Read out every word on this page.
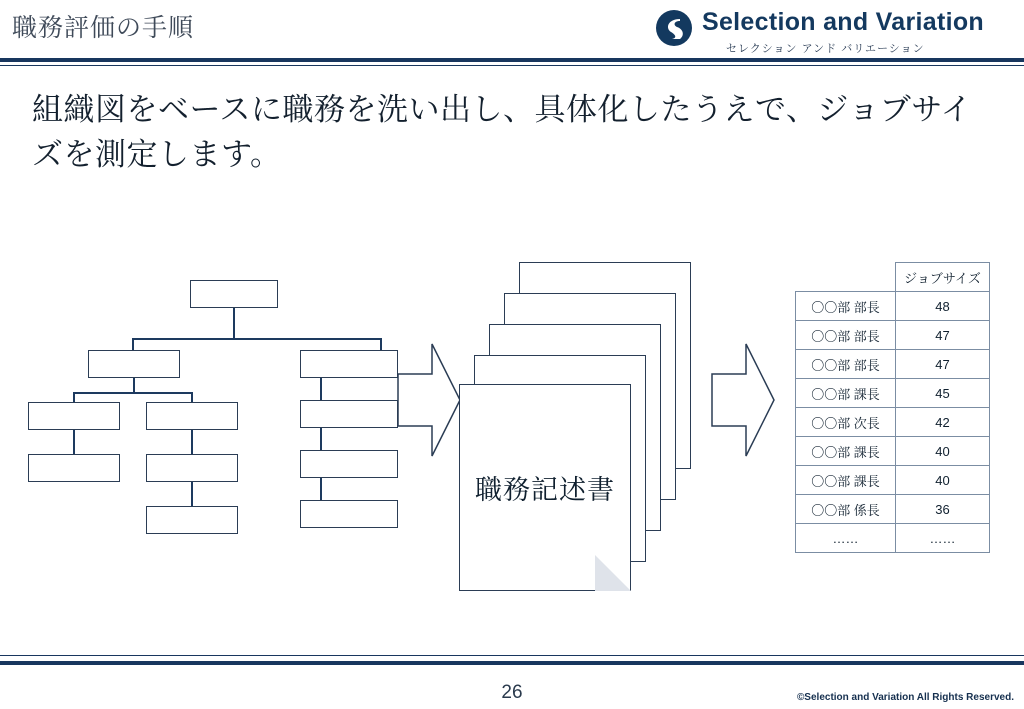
職務評価の手順	Selection and Variation
セレクション アンド バリエーション
組織図をベースに職務を洗い出し、具体化したうえで、ジョブサイズを測定します。
職務記述書
	ジョブサイズ
〇〇部 部長	48
〇〇部 部長	47
〇〇部 部長	47
〇〇部 課長	45
〇〇部 次長	42
〇〇部 課長	40
〇〇部 課長	40
〇〇部 係長	36
……	……
26	©Selection and Variation All Rights Reserved.
